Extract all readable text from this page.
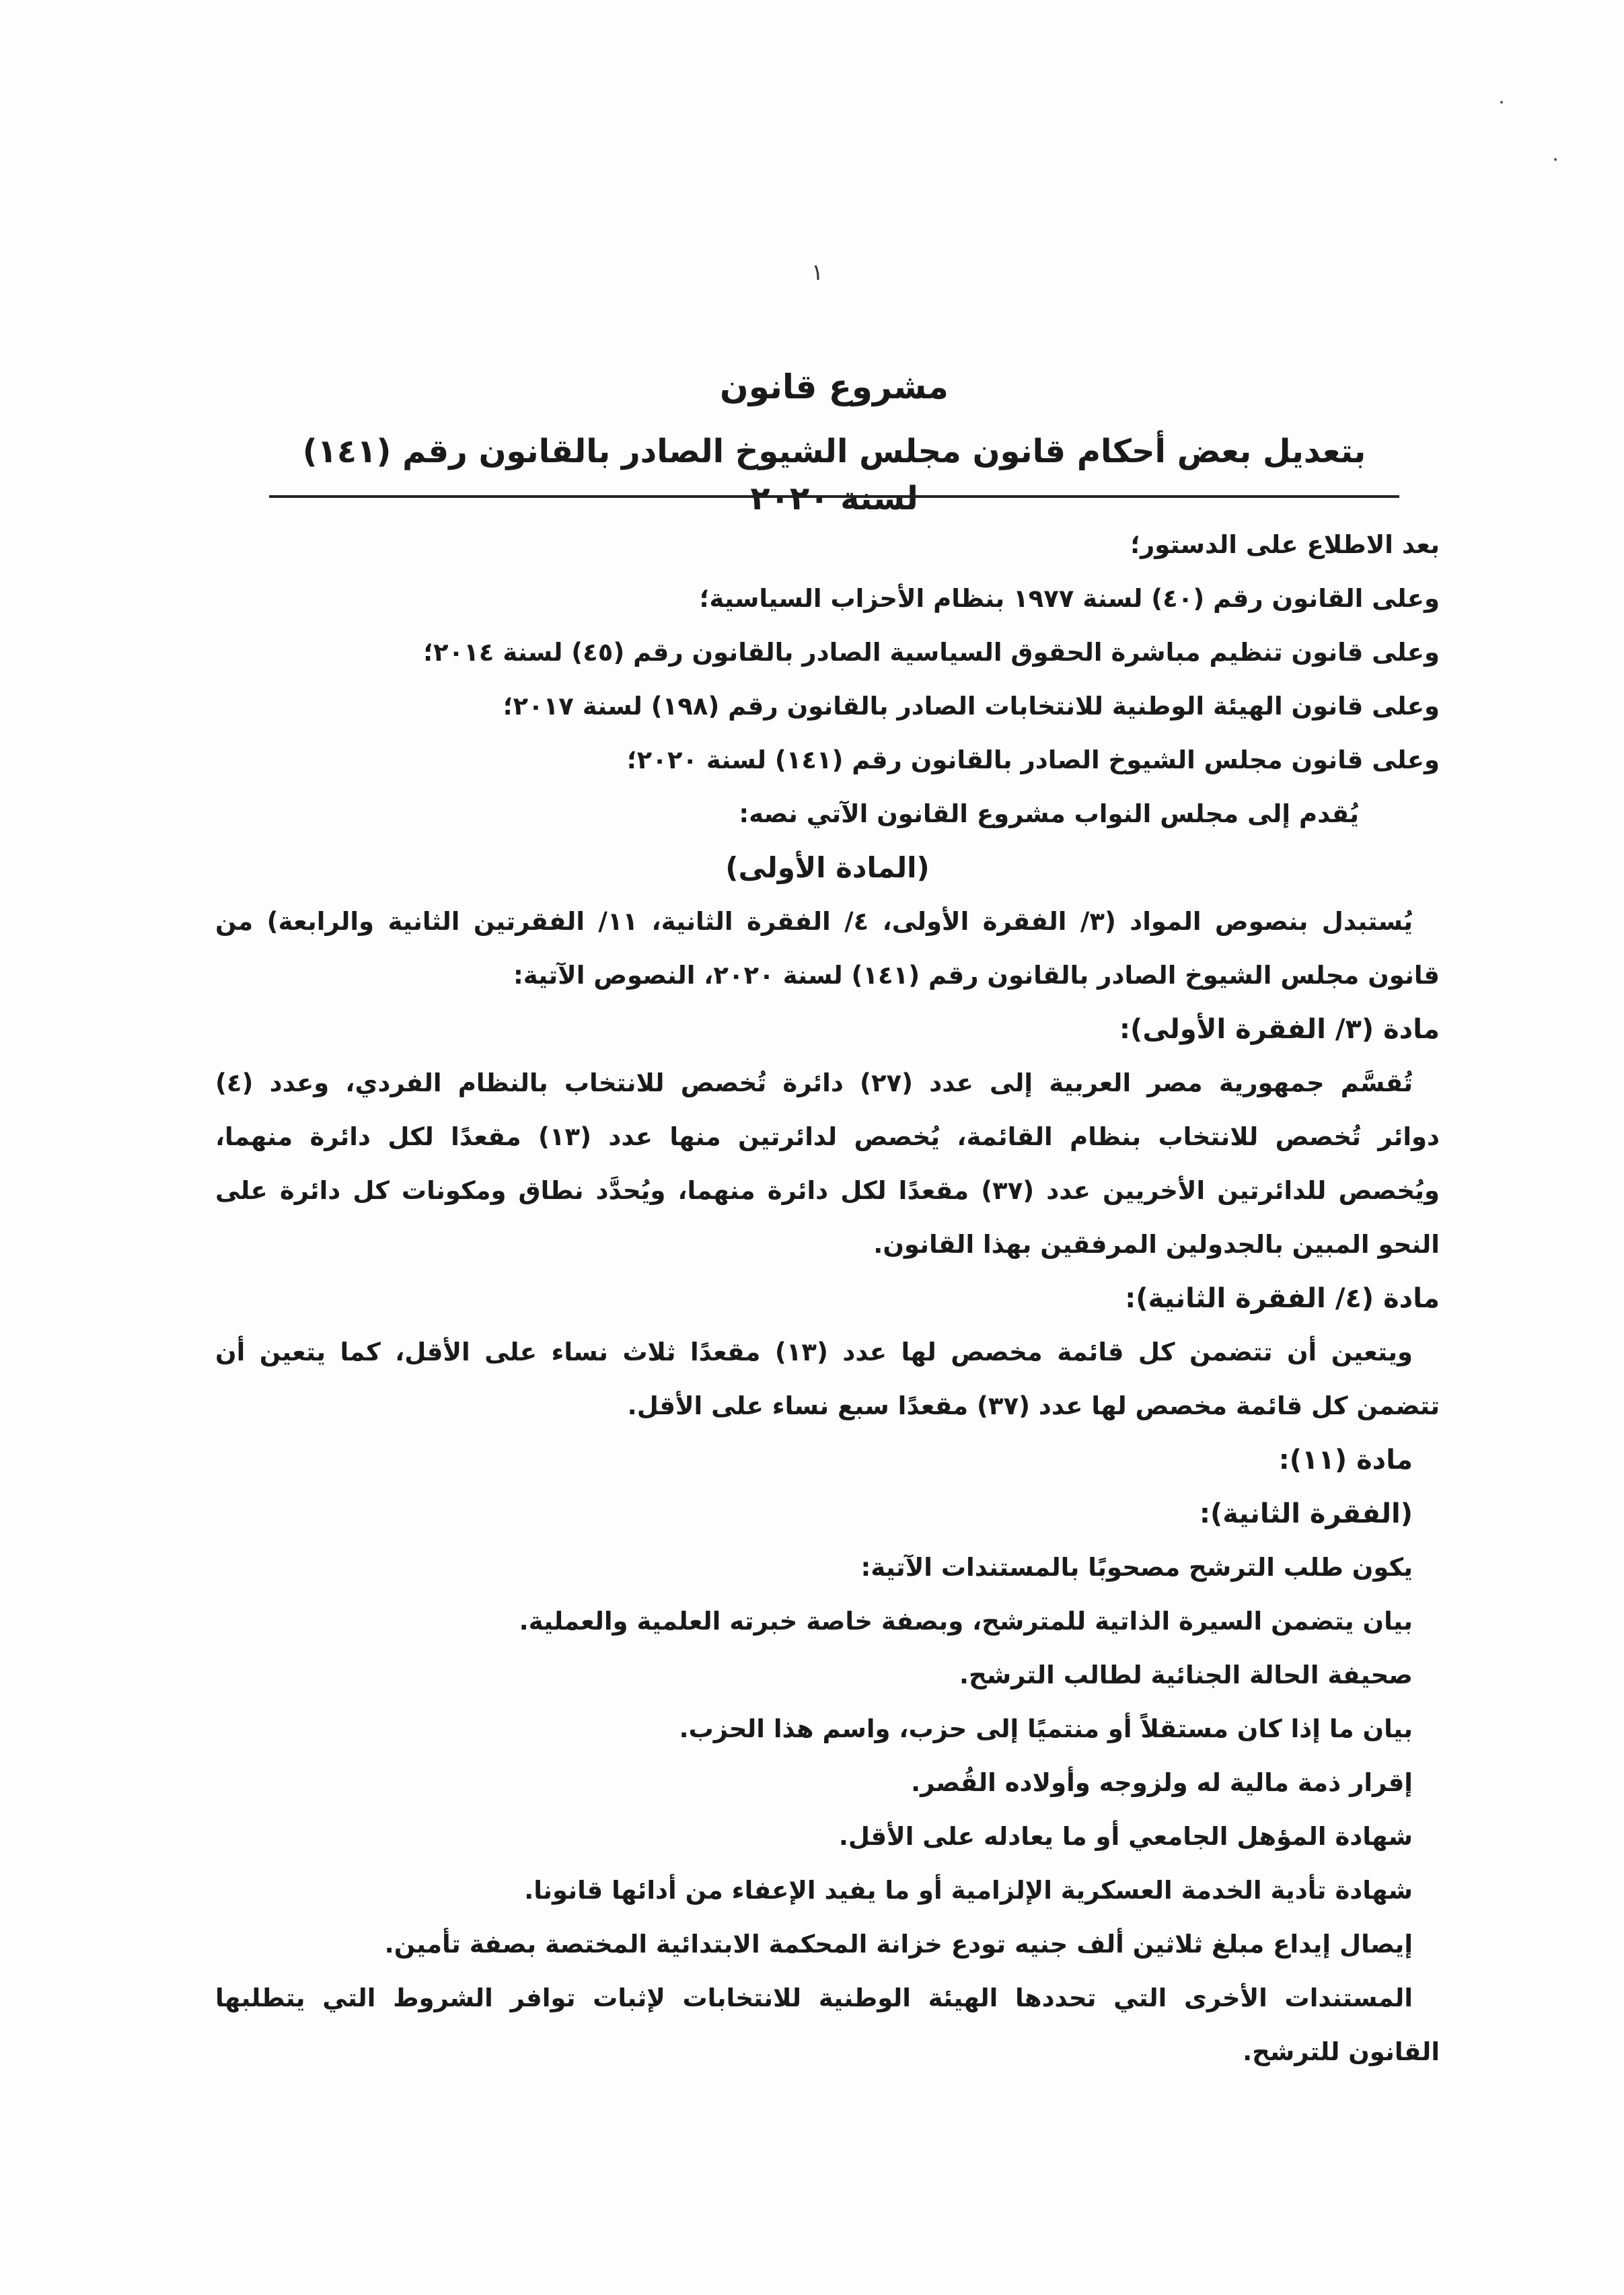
١

مشروع قانون

بتعديل بعض أحكام قانون مجلس الشيوخ الصادر بالقانون رقم (١٤١) لسنة ٢٠٢٠

بعد الاطلاع على الدستور؛

وعلى القانون رقم (٤٠) لسنة ١٩٧٧ بنظام الأحزاب السياسية؛

وعلى قانون تنظيم مباشرة الحقوق السياسية الصادر بالقانون رقم (٤٥) لسنة ٢٠١٤؛

وعلى قانون الهيئة الوطنية للانتخابات الصادر بالقانون رقم (١٩٨) لسنة ٢٠١٧؛

وعلى قانون مجلس الشيوخ الصادر بالقانون رقم (١٤١) لسنة ٢٠٢٠؛

يُقدم إلى مجلس النواب مشروع القانون الآتي نصه:

(المادة الأولى)

يُستبدل بنصوص المواد (٣/ الفقرة الأولى، ٤/ الفقرة الثانية، ١١/ الفقرتين الثانية والرابعة) من

قانون مجلس الشيوخ الصادر بالقانون رقم (١٤١) لسنة ٢٠٢٠، النصوص الآتية:

مادة (٣/ الفقرة الأولى):

تُقسَّم جمهورية مصر العربية إلى عدد (٢٧) دائرة تُخصص للانتخاب بالنظام الفردي، وعدد (٤)

دوائر تُخصص للانتخاب بنظام القائمة، يُخصص لدائرتين منها عدد (١٣) مقعدًا لكل دائرة منهما،

ويُخصص للدائرتين الأخريين عدد (٣٧) مقعدًا لكل دائرة منهما، ويُحدَّد نطاق ومكونات كل دائرة على

النحو المبين بالجدولين المرفقين بهذا القانون.

مادة (٤/ الفقرة الثانية):

ويتعين أن تتضمن كل قائمة مخصص لها عدد (١٣) مقعدًا ثلاث نساء على الأقل، كما يتعين أن

تتضمن كل قائمة مخصص لها عدد (٣٧) مقعدًا سبع نساء على الأقل.

مادة (١١):

(الفقرة الثانية):

يكون طلب الترشح مصحوبًا بالمستندات الآتية:

بيان يتضمن السيرة الذاتية للمترشح، وبصفة خاصة خبرته العلمية والعملية.

صحيفة الحالة الجنائية لطالب الترشح.

بيان ما إذا كان مستقلاً أو منتميًا إلى حزب، واسم هذا الحزب.

إقرار ذمة مالية له ولزوجه وأولاده القُصر.

شهادة المؤهل الجامعي أو ما يعادله على الأقل.

شهادة تأدية الخدمة العسكرية الإلزامية أو ما يفيد الإعفاء من أدائها قانونا.

إيصال إيداع مبلغ ثلاثين ألف جنيه تودع خزانة المحكمة الابتدائية المختصة بصفة تأمين.

المستندات الأخرى التي تحددها الهيئة الوطنية للانتخابات لإثبات توافر الشروط التي يتطلبها

القانون للترشح.
